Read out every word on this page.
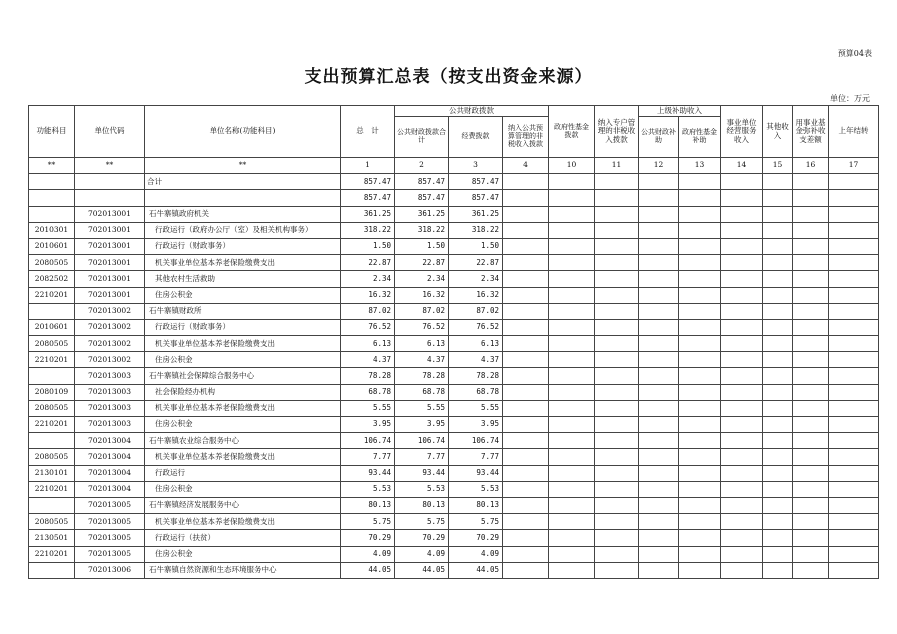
预算04表
支出预算汇总表（按支出资金来源）
单位：万元
功能科目	单位代码	单位名称(功能科目)	总　计	公共财政拨款			政府性基金拨款	纳入专户管理的非税收入拨款	上级补助收入		事业单位经营服务收入	其他收入	用事业基金弥补收支差额	上年结转
				公共财政拨款合计	经费拨款	纳入公共预算管理的非税收入拨款			公共财政补助	政府性基金补助				

**	**	**	1	2	3	4	10	11	12	13	14	15	16	17
		合计	857.47	857.47	857.47									
			857.47	857.47	857.47									
	702013001	石牛寨镇政府机关	361.25	361.25	361.25									
2010301	702013001	行政运行（政府办公厅（室）及相关机构事务）	318.22	318.22	318.22									
2010601	702013001	行政运行（财政事务）	1.50	1.50	1.50									
2080505	702013001	机关事业单位基本养老保险缴费支出	22.87	22.87	22.87									
2082502	702013001	其他农村生活救助	2.34	2.34	2.34									
2210201	702013001	住房公积金	16.32	16.32	16.32									
	702013002	石牛寨镇财政所	87.02	87.02	87.02									
2010601	702013002	行政运行（财政事务）	76.52	76.52	76.52									
2080505	702013002	机关事业单位基本养老保险缴费支出	6.13	6.13	6.13									
2210201	702013002	住房公积金	4.37	4.37	4.37									
	702013003	石牛寨镇社会保障综合服务中心	78.28	78.28	78.28									
2080109	702013003	社会保险经办机构	68.78	68.78	68.78									
2080505	702013003	机关事业单位基本养老保险缴费支出	5.55	5.55	5.55									
2210201	702013003	住房公积金	3.95	3.95	3.95									
	702013004	石牛寨镇农业综合服务中心	106.74	106.74	106.74									
2080505	702013004	机关事业单位基本养老保险缴费支出	7.77	7.77	7.77									
2130101	702013004	行政运行	93.44	93.44	93.44									
2210201	702013004	住房公积金	5.53	5.53	5.53									
	702013005	石牛寨镇经济发展服务中心	80.13	80.13	80.13									
2080505	702013005	机关事业单位基本养老保险缴费支出	5.75	5.75	5.75									
2130501	702013005	行政运行（扶贫）	70.29	70.29	70.29									
2210201	702013005	住房公积金	4.09	4.09	4.09									
	702013006	石牛寨镇自然资源和生态环境服务中心	44.05	44.05	44.05									
